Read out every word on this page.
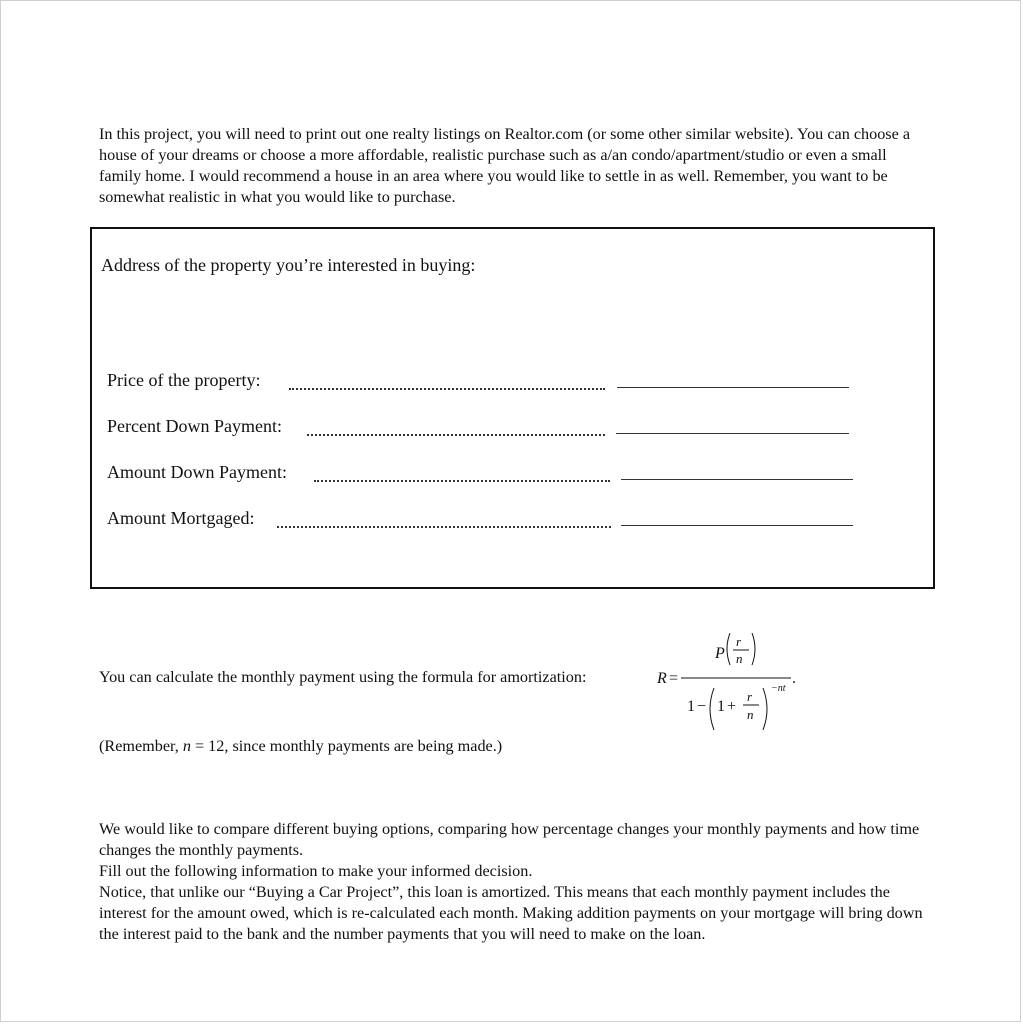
In this project, you will need to print out one realty listings on Realtor.com (or some other similar website). You can choose a house of your dreams or choose a more affordable, realistic purchase such as a/an condo/apartment/studio or even a small family home. I would recommend a house in an area where you would like to settle in as well. Remember, you want to be somewhat realistic in what you would like to purchase.

Address of the property you’re interested in buying:

Price of the property:
Percent Down Payment:
Amount Down Payment:
Amount Mortgaged:

You can calculate the monthly payment using the formula for amortization:	R =
P
r
n
1 − 1 +
r
n
−nt
.

(Remember, n = 12, since monthly payments are being made.)

We would like to compare different buying options, comparing how percentage changes your monthly payments and how time changes the monthly payments.

Fill out the following information to make your informed decision.

Notice, that unlike our “Buying a Car Project”, this loan is amortized. This means that each monthly payment includes the interest for the amount owed, which is re-calculated each month. Making addition payments on your mortgage will bring down the interest paid to the bank and the number payments that you will need to make on the loan.
